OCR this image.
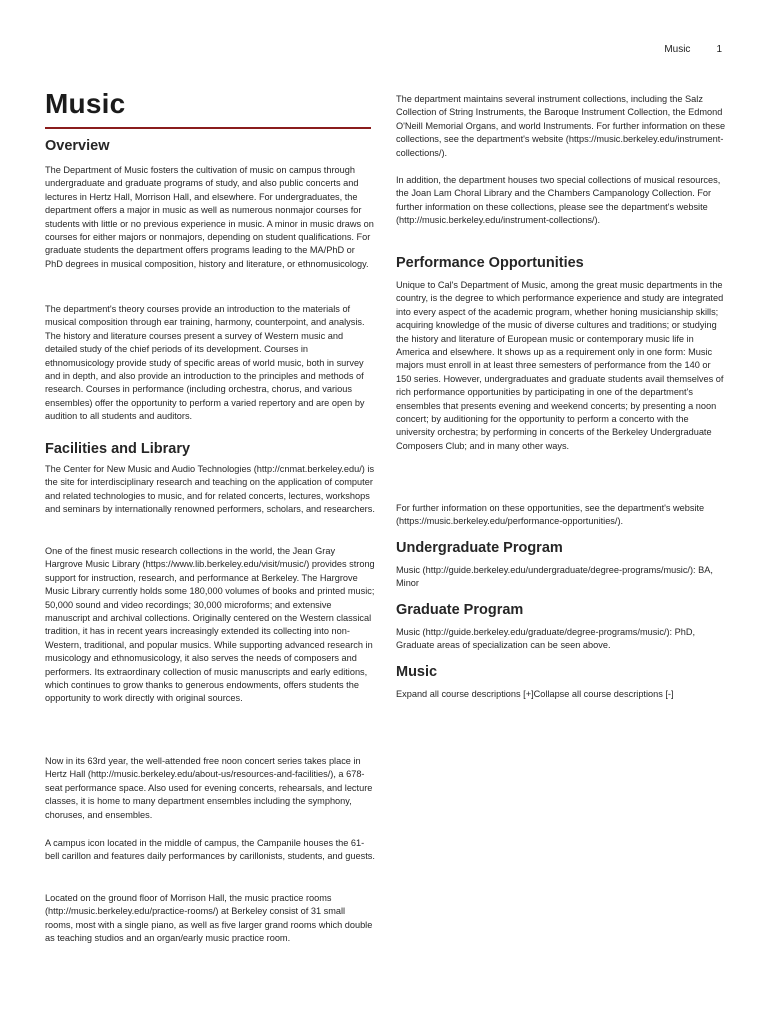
Music	1
Music
Overview

The Department of Music fosters the cultivation of music on campus through undergraduate and graduate programs of study, and also public concerts and lectures in Hertz Hall, Morrison Hall, and elsewhere. For undergraduates, the department offers a major in music as well as numerous nonmajor courses for students with little or no previous experience in music. A minor in music draws on courses for either majors or nonmajors, depending on student qualifications. For graduate students the department offers programs leading to the MA/PhD or PhD degrees in musical composition, history and literature, or ethnomusicology.

The department's theory courses provide an introduction to the materials of musical composition through ear training, harmony, counterpoint, and analysis. The history and literature courses present a survey of Western music and detailed study of the chief periods of its development. Courses in ethnomusicology provide study of specific areas of world music, both in survey and in depth, and also provide an introduction to the principles and methods of research. Courses in performance (including orchestra, chorus, and various ensembles) offer the opportunity to perform a varied repertory and are open by audition to all students and auditors.

Facilities and Library

The Center for New Music and Audio Technologies (http://cnmat.berkeley.edu/) is the site for interdisciplinary research and teaching on the application of computer and related technologies to music, and for related concerts, lectures, workshops and seminars by internationally renowned performers, scholars, and researchers.

One of the finest music research collections in the world, the Jean Gray Hargrove Music Library (https://www.lib.berkeley.edu/visit/music/) provides strong support for instruction, research, and performance at Berkeley. The Hargrove Music Library currently holds some 180,000 volumes of books and printed music; 50,000 sound and video recordings; 30,000 microforms; and extensive manuscript and archival collections. Originally centered on the Western classical tradition, it has in recent years increasingly extended its collecting into non-Western, traditional, and popular musics. While supporting advanced research in musicology and ethnomusicology, it also serves the needs of composers and performers. Its extraordinary collection of music manuscripts and early editions, which continues to grow thanks to generous endowments, offers students the opportunity to work directly with original sources.

Now in its 63rd year, the well-attended free noon concert series takes place in Hertz Hall (http://music.berkeley.edu/about-us/resources-and-facilities/), a 678-seat performance space. Also used for evening concerts, rehearsals, and lecture classes, it is home to many department ensembles including the symphony, choruses, and ensembles.

A campus icon located in the middle of campus, the Campanile houses the 61-bell carillon and features daily performances by carillonists, students, and guests.

Located on the ground floor of Morrison Hall, the music practice rooms (http://music.berkeley.edu/practice-rooms/) at Berkeley consist of 31 small rooms, most with a single piano, as well as five larger grand rooms which double as teaching studios and an organ/early music practice room.

The department maintains several instrument collections, including the Salz Collection of String Instruments, the Baroque Instrument Collection, the Edmond O'Neill Memorial Organs, and world Instruments. For further information on these collections, see the department's website (https://music.berkeley.edu/instrument-collections/).

In addition, the department houses two special collections of musical resources, the Joan Lam Choral Library and the Chambers Campanology Collection. For further information on these collections, please see the department's website (http://music.berkeley.edu/instrument-collections/).

Performance Opportunities

Unique to Cal's Department of Music, among the great music departments in the country, is the degree to which performance experience and study are integrated into every aspect of the academic program, whether honing musicianship skills; acquiring knowledge of the music of diverse cultures and traditions; or studying the history and literature of European music or contemporary music life in America and elsewhere. It shows up as a requirement only in one form: Music majors must enroll in at least three semesters of performance from the 140 or 150 series. However, undergraduates and graduate students avail themselves of rich performance opportunities by participating in one of the department's ensembles that presents evening and weekend concerts; by presenting a noon concert; by auditioning for the opportunity to perform a concerto with the university orchestra; by performing in concerts of the Berkeley Undergraduate Composers Club; and in many other ways.

For further information on these opportunities, see the department's website (https://music.berkeley.edu/performance-opportunities/).

Undergraduate Program

Music (http://guide.berkeley.edu/undergraduate/degree-programs/music/): BA, Minor

Graduate Program

Music (http://guide.berkeley.edu/graduate/degree-programs/music/): PhD, Graduate areas of specialization can be seen above.

Music

Expand all course descriptions [+]Collapse all course descriptions [-]
